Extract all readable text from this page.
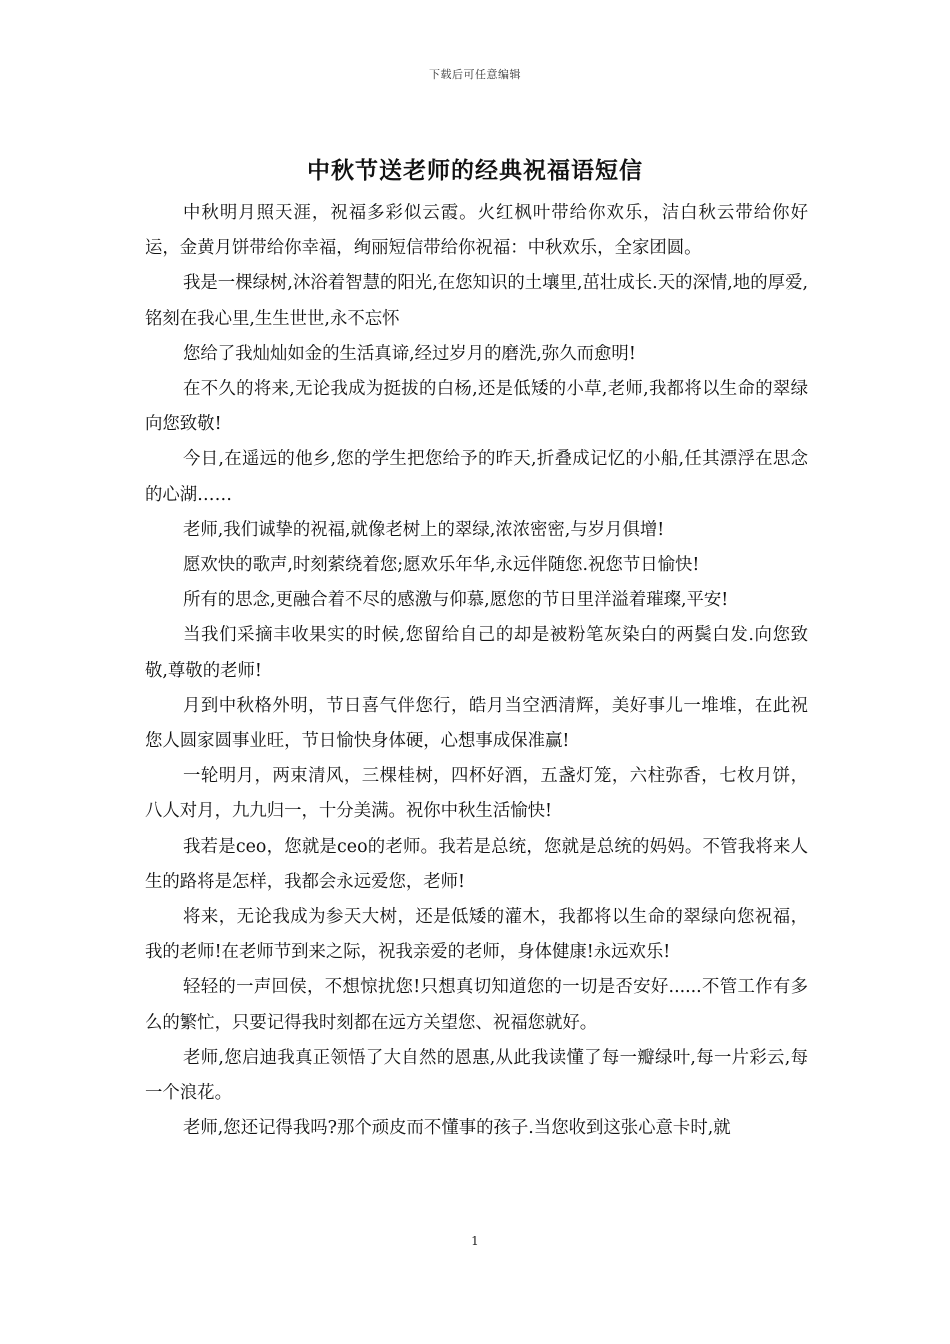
下载后可任意编辑
中秋节送老师的经典祝福语短信

中秋明月照天涯，祝福多彩似云霞。火红枫叶带给你欢乐，洁白秋云带给你好运，金黄月饼带给你幸福，绚丽短信带给你祝福：中秋欢乐，全家团圆。

我是一棵绿树,沐浴着智慧的阳光,在您知识的土壤里,茁壮成长.天的深情,地的厚爱,铭刻在我心里,生生世世,永不忘怀

您给了我灿灿如金的生活真谛,经过岁月的磨洗,弥久而愈明!

在不久的将来,无论我成为挺拔的白杨,还是低矮的小草,老师,我都将以生命的翠绿向您致敬!

今日,在遥远的他乡,您的学生把您给予的昨天,折叠成记忆的小船,任其漂浮在思念的心湖……

老师,我们诚挚的祝福,就像老树上的翠绿,浓浓密密,与岁月俱增!

愿欢快的歌声,时刻萦绕着您;愿欢乐年华,永远伴随您.祝您节日愉快!

所有的思念,更融合着不尽的感激与仰慕,愿您的节日里洋溢着璀璨,平安!

当我们采摘丰收果实的时候,您留给自己的却是被粉笔灰染白的两鬓白发.向您致敬,尊敬的老师!

月到中秋格外明，节日喜气伴您行，皓月当空洒清辉，美好事儿一堆堆，在此祝您人圆家圆事业旺，节日愉快身体硬，心想事成保准赢!

一轮明月，两束清风，三棵桂树，四杯好酒，五盏灯笼，六柱弥香，七枚月饼，八人对月，九九归一，十分美满。祝你中秋生活愉快!

我若是ceo，您就是ceo的老师。我若是总统，您就是总统的妈妈。不管我将来人生的路将是怎样，我都会永远爱您，老师!

将来，无论我成为参天大树，还是低矮的灌木，我都将以生命的翠绿向您祝福，我的老师!在老师节到来之际，祝我亲爱的老师，身体健康!永远欢乐!

轻轻的一声回侯，不想惊扰您!只想真切知道您的一切是否安好......不管工作有多么的繁忙，只要记得我时刻都在远方关望您、祝福您就好。

老师,您启迪我真正领悟了大自然的恩惠,从此我读懂了每一瓣绿叶,每一片彩云,每一个浪花。

老师,您还记得我吗?那个顽皮而不懂事的孩子.当您收到这张心意卡时,就

1
